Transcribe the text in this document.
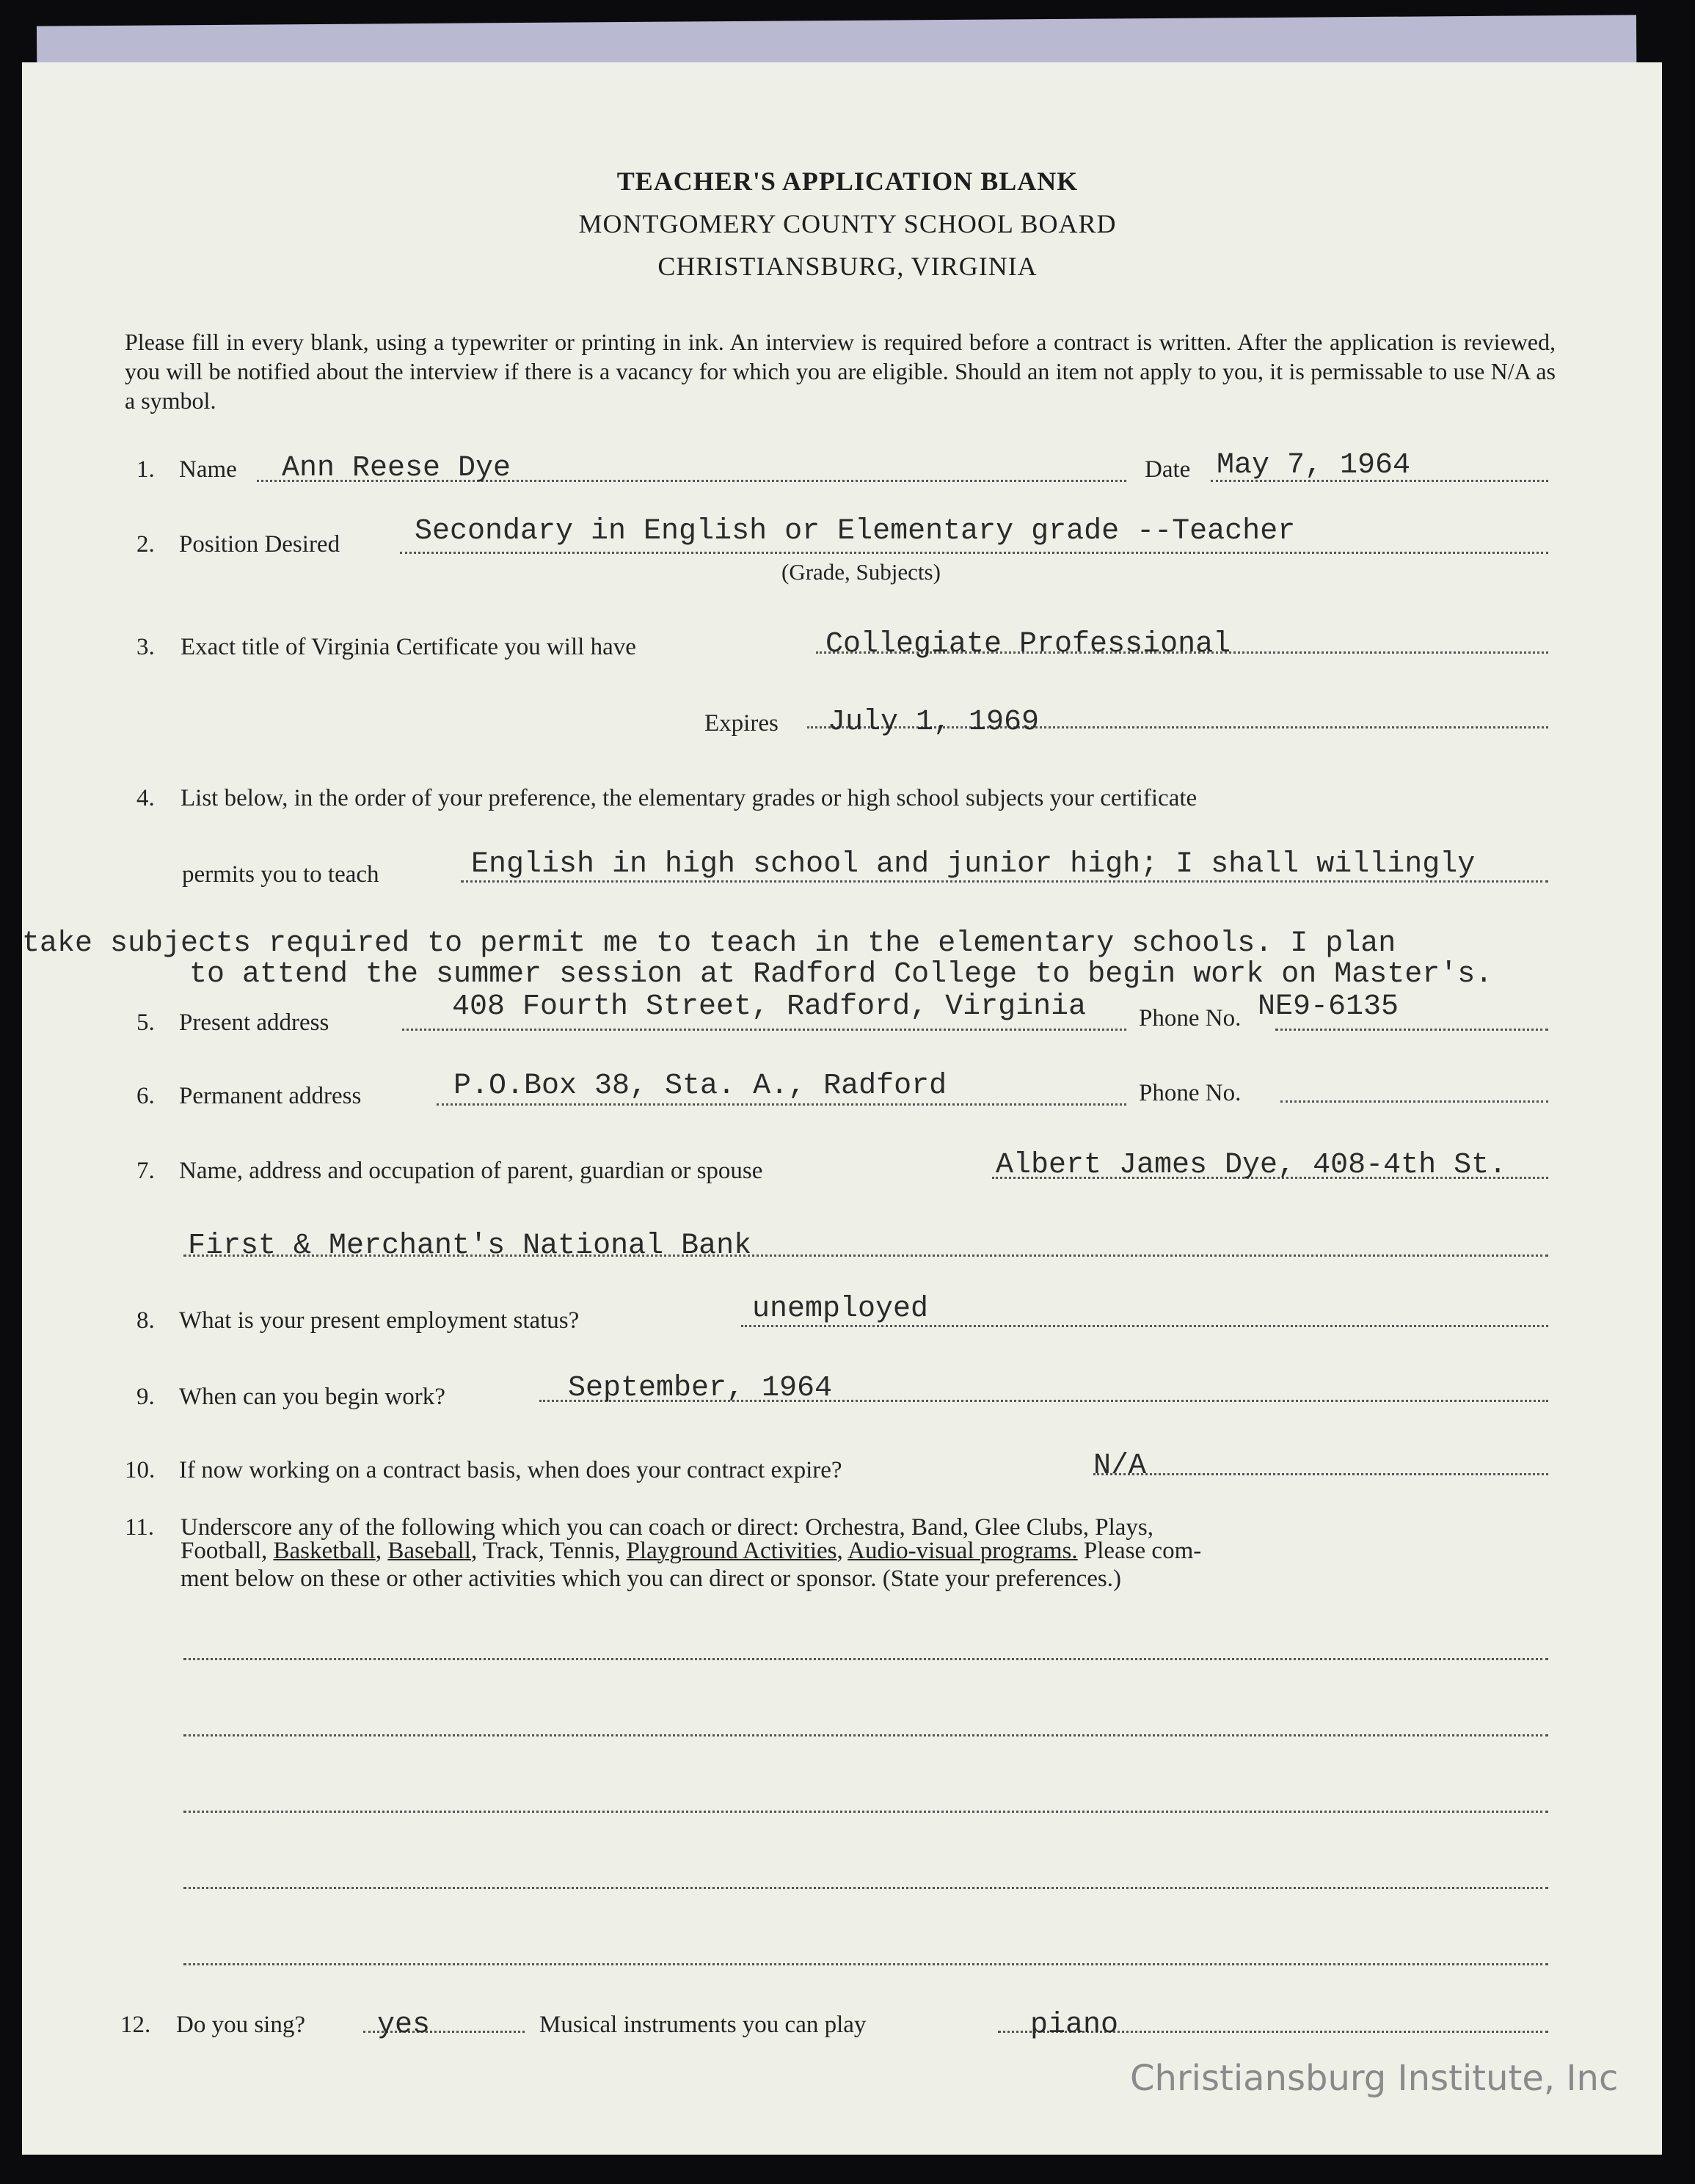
TEACHER'S APPLICATION BLANK
MONTGOMERY COUNTY SCHOOL BOARD
CHRISTIANSBURG, VIRGINIA
Please fill in every blank, using a typewriter or printing in ink. An interview is required before a contract is written. After the application is reviewed, you will be notified about the interview if there is a vacancy for which you are eligible. Should an item not apply to you, it is permissable to use N/A as a symbol.
1. Name Ann Reese Dye	Date May 7, 1964
2. Position Desired	Secondary in English or Elementary grade --Teacher
(Grade, Subjects)
3. Exact title of Virginia Certificate you will have	Collegiate Professional
Expires July 1, 1969
4. List below, in the order of your preference, the elementary grades or high school subjects your certificate
permits you to teach	English in high school and junior high; I shall willingly
take subjects required to permit me to teach in the elementary schools. I plan
to attend the summer session at Radford College to begin work on Master's.
5. Present address	408 Fourth Street, Radford, Virginia Phone No. NE9-6135
6. Permanent address	P.O.Box 38, Sta. A., Radford	Phone No.
7. Name, address and occupation of parent, guardian or spouse	Albert James Dye, 408-4th St.
First & Merchant's National Bank
8. What is your present employment status?	unemployed
9. When can you begin work?	September, 1964
10. If now working on a contract basis, when does your contract expire?	N/A
11. Underscore any of the following which you can coach or direct: Orchestra, Band, Glee Clubs, Plays,
Football, Basketball, Baseball, Track, Tennis, Playground Activities, Audio-visual programs. Please com-
ment below on these or other activities which you can direct or sponsor. (State your preferences.)
12. Do you sing? yes	Musical instruments you can play	piano
Christiansburg Institute, Inc
